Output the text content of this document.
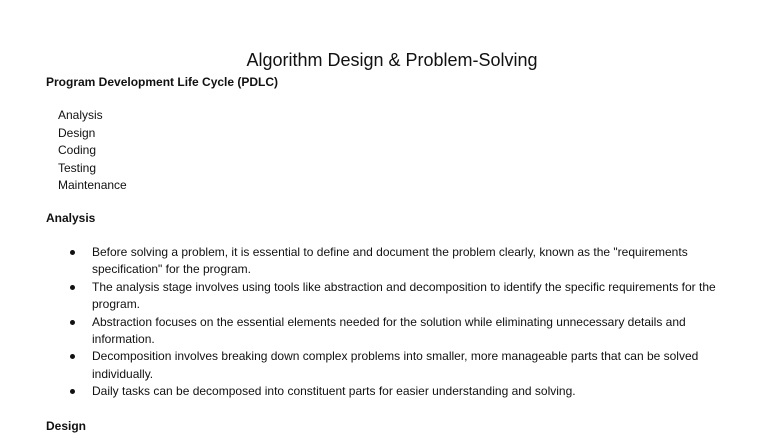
Algorithm Design & Problem-Solving
Program Development Life Cycle (PDLC)
Analysis
Design
Coding
Testing
Maintenance
Analysis
Before solving a problem, it is essential to define and document the problem clearly, known as the "requirements specification" for the program.
The analysis stage involves using tools like abstraction and decomposition to identify the specific requirements for the program.
Abstraction focuses on the essential elements needed for the solution while eliminating unnecessary details and information.
Decomposition involves breaking down complex problems into smaller, more manageable parts that can be solved individually.
Daily tasks can be decomposed into constituent parts for easier understanding and solving.
Design
